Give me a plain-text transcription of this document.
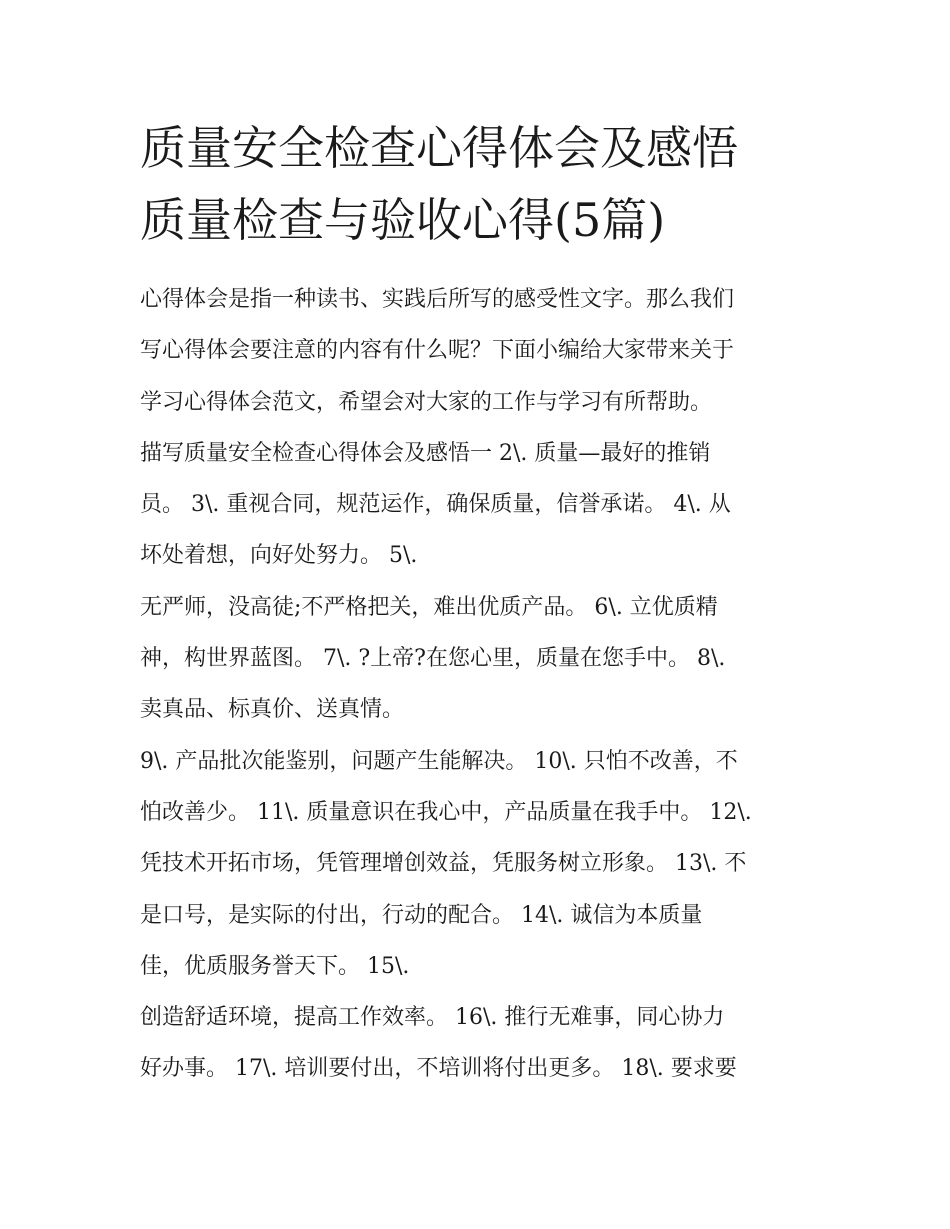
质量安全检查心得体会及感悟
质量检查与验收心得(5篇)
心得体会是指一种读书、实践后所写的感受性文字。那么我们
写心得体会要注意的内容有什么呢？下面小编给大家带来关于
学习心得体会范文，希望会对大家的工作与学习有所帮助。
描写质量安全检查心得体会及感悟一 2\. 质量—最好的推销
员。 3\. 重视合同，规范运作，确保质量，信誉承诺。 4\. 从
坏处着想，向好处努力。 5\.
无严师，没高徒;不严格把关，难出优质产品。 6\. 立优质精
神，构世界蓝图。 7\. ?上帝?在您心里，质量在您手中。 8\.
卖真品、标真价、送真情。
9\. 产品批次能鉴别，问题产生能解决。 10\. 只怕不改善，不
怕改善少。 11\. 质量意识在我心中，产品质量在我手中。 12\.
凭技术开拓市场，凭管理增创效益，凭服务树立形象。 13\. 不
是口号，是实际的付出，行动的配合。 14\. 诚信为本质量
佳，优质服务誉天下。 15\.
创造舒适环境，提高工作效率。 16\. 推行无难事，同心协力
好办事。 17\. 培训要付出，不培训将付出更多。 18\. 要求要
